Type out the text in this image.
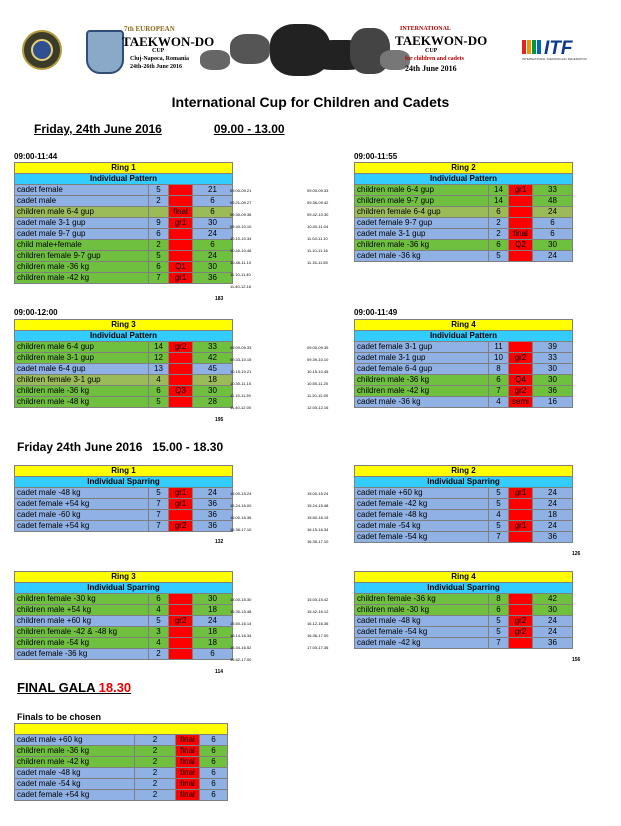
7th EUROPEAN
TAEKWON-DO
CUP
Cluj-Napoca, Romania
24th-26th June 2016
INTERNATIONAL
TAEKWON-DO
CUP
for children and cadets
24th June 2016
ITF
INTERNATIONAL TAEKWON-DO FEDERATION
International Cup for Children and Cadets
Friday, 24th June 2016	09.00 - 13.00
Friday 24th June 2016 15.00 - 18.30
09:00-11:44
Ring 1			
Individual Pattern			
cadet female	5		21
cadet male	2		6
children male 6-4 gup		final	6
cadet male 3-1 gup	9	gr1	30
cadet male 9-7 gup	6		24
child male+female	2		6
children female 9-7 gup	5		24
children male -36 kg	6	Q1	30
children male -42 kg	7	gr1	36
09.00-09.21
09.21-09.27
09.30-09.36
09.40-10.10
10.10-10.34
10.40-10.46
10.46-11.10
11.10-11.40
11.40-12.16
183
09:00-11:55
Ring 2			
Individual Pattern			
children male 6-4 gup	14	gr1	33
children male 9-7 gup	14		48
children female 6-4 gup	6		24
cadet female 9-7 gup	2		6
cadet male 3-1 gup	2	final	6
children male -36 kg	6	Q2	30
cadet male -36 kg	5		24
09.00-09.33
09.36-09.42
09.42-10.30
10.40-11.04
11.04-11.10
11.10-11.16
11.16-11.55
09:00-12:00
Ring 3			
Individual Pattern			
children male 6-4 gup	14	gr2	33
children male 3-1 gup	12		42
cadet male 6-4 gup	13		45
children female 3-1 gup	4		18
children male -36 kg	6	Q3	30
children male -48 kg	5		28
09.00-09.33
09.33-10.15
10.15-10.21
10.30-11.15
11.15-11.39
11.40-12.00
195
09:00-11:49
Ring 4			
Individual Pattern			
cadet female 3-1 gup	11		39
cadet male 3-1 gup	10	gr2	33
cadet female 6-4 gup	8		30
children male -36 kg	6	Q4	30
children male -42 kg	7	gr2	36
cadet male -36 kg	4	semi	16
09.00-09.39
09.39-10.10
10.15-10.45
10.50-11.20
11.20-12.00
12.00-12.16
Ring 1			
Individual Sparring			
cadet male -48 kg	5	gr1	24
cadet female +54 kg	7	gr1	36
cadet male -60 kg	7		36
cadet female +54 kg	7	gr2	36
15.00-15.24
15.24-16.00
16.00-16.36
16.36-17.10
132
Ring 2			
Individual Sparring			
cadet male +60 kg	5	gr1	24
cadet female -42 kg	5		24
cadet female -48 kg	4		18
cadet male -54 kg	5	gr1	24
cadet female -54 kg	7		36
15.00-15.24
15.24-15.48
15.50-16.15
16.15-16.34
16.35-17.10
126
Ring 3			
Individual Sparring			
children female -30 kg	6		30
children male +54 kg	4		18
children male +60 kg	5	gr2	24
children female -42 & -48 kg	3		18
children male -54 kg	4		18
cadet female -36 kg	2		6
15.00-15.30
15.30-15.48
15.50-16.14
16.14-16.34
16.34-16.52
16.52-17.00
114
Ring 4			
Individual Sparring			
children female -36 kg	8		42
children male -30 kg	6		30
cadet male -48 kg	5	gr2	24
cadet female -54 kg	5	gr2	24
cadet male -42 kg	7		36
15.00-15.42
15.42-16.12
16.12-16.36
16.36-17.00
17.00-17.36
156
FINAL GALA 18.30
Finals to be chosen

cadet male +60 kg	2	final	6
children male -36 kg	2	final	6
children male -42 kg	2	final	6
cadet male -48 kg	2	final	6
cadet male -54 kg	2	final	6
cadet female +54 kg	2	final	6
